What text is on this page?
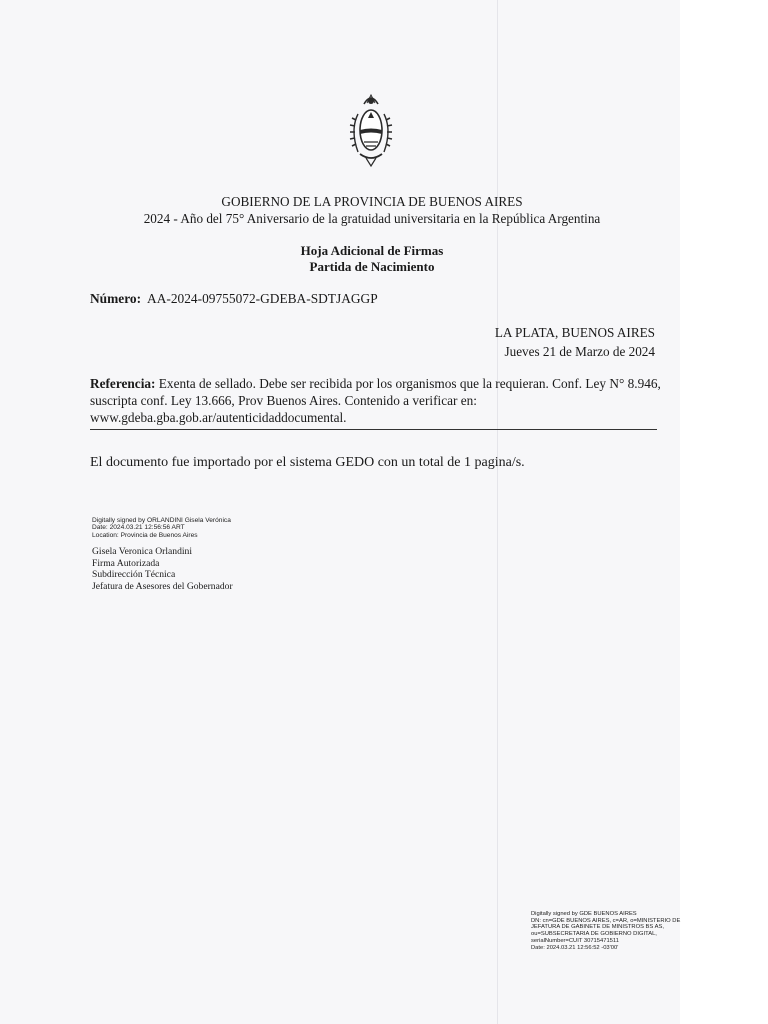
GOBIERNO DE LA PROVINCIA DE BUENOS AIRES
2024 - Año del 75° Aniversario de la gratuidad universitaria en la República Argentina
Hoja Adicional de Firmas
Partida de Nacimiento
Número: AA-2024-09755072-GDEBA-SDTJAGGP
LA PLATA, BUENOS AIRES
Jueves 21 de Marzo de 2024
Referencia: Exenta de sellado. Debe ser recibida por los organismos que la requieran. Conf. Ley N° 8.946,
suscripta conf. Ley 13.666, Prov Buenos Aires. Contenido a verificar en:
www.gdeba.gba.gob.ar/autenticidaddocumental.
El documento fue importado por el sistema GEDO con un total de 1 pagina/s.
Digitally signed by ORLANDINI Gisela Verónica
Date: 2024.03.21 12:56:56 ART
Location: Provincia de Buenos Aires
Gisela Veronica Orlandini
Firma Autorizada
Subdirección Técnica
Jefatura de Asesores del Gobernador
Digitally signed by GDE BUENOS AIRES
DN: cn=GDE BUENOS AIRES, c=AR, o=MINISTERIO DE
JEFATURA DE GABINETE DE MINISTROS BS AS,
ou=SUBSECRETARIA DE GOBIERNO DIGITAL,
serialNumber=CUIT 30715471511
Date: 2024.03.21 12:56:52 -03'00'
